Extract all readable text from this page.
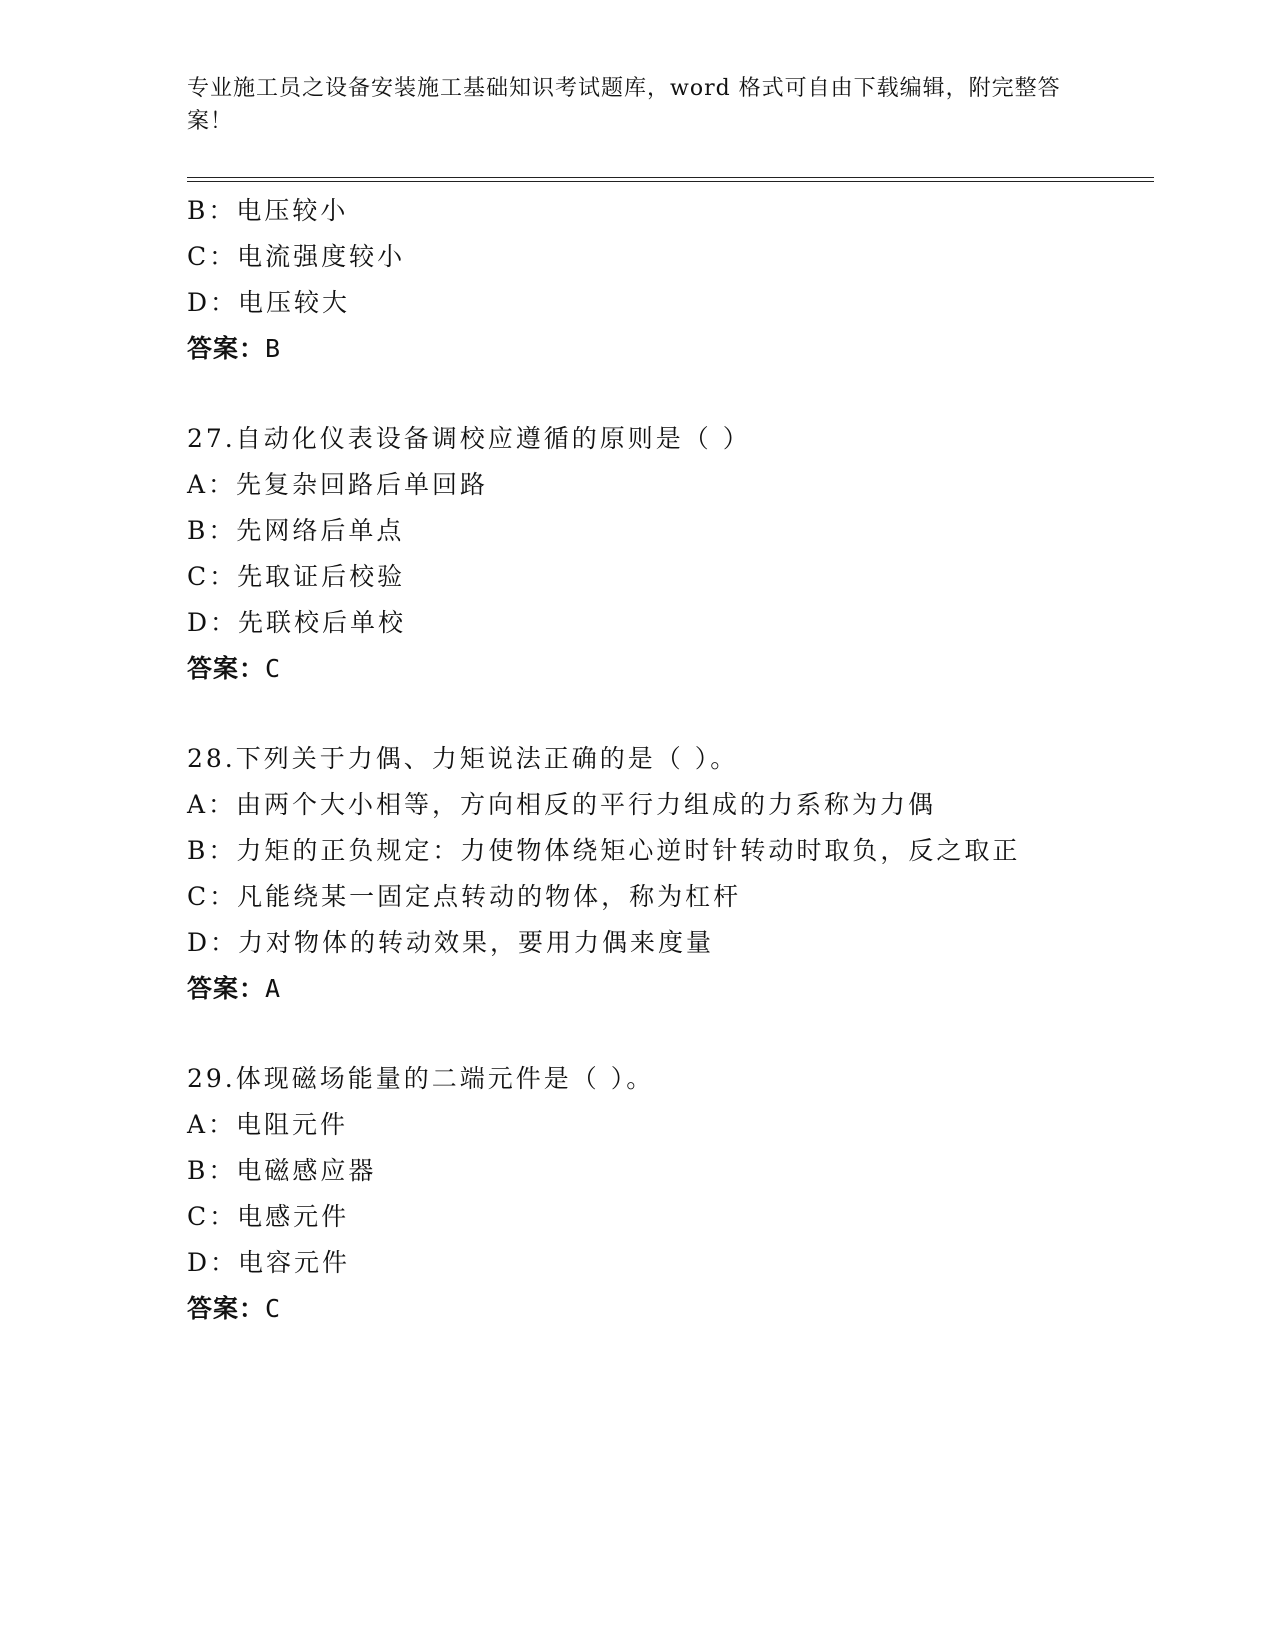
专业施工员之设备安装施工基础知识考试题库，word 格式可自由下载编辑，附完整答案！
B：电压较小
C：电流强度较小
D：电压较大
答案：B
27.自动化仪表设备调校应遵循的原则是（ ）
A：先复杂回路后单回路
B：先网络后单点
C：先取证后校验
D：先联校后单校
答案：C
28.下列关于力偶、力矩说法正确的是（ ）。
A：由两个大小相等，方向相反的平行力组成的力系称为力偶
B：力矩的正负规定：力使物体绕矩心逆时针转动时取负，反之取正
C：凡能绕某一固定点转动的物体，称为杠杆
D：力对物体的转动效果，要用力偶来度量
答案：A
29.体现磁场能量的二端元件是（ ）。
A：电阻元件
B：电磁感应器
C：电感元件
D：电容元件
答案：C
